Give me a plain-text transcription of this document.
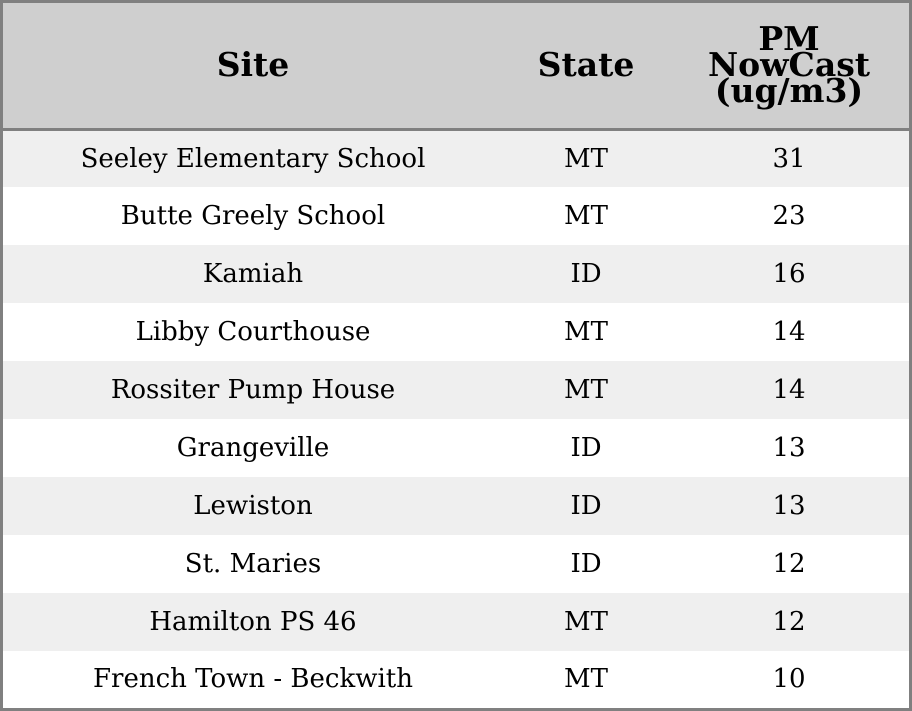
Site	State	PM NowCast (ug/m3)
Seeley Elementary School	MT	31
Butte Greely School	MT	23
Kamiah	ID	16
Libby Courthouse	MT	14
Rossiter Pump House	MT	14
Grangeville	ID	13
Lewiston	ID	13
St. Maries	ID	12
Hamilton PS 46	MT	12
French Town - Beckwith	MT	10
